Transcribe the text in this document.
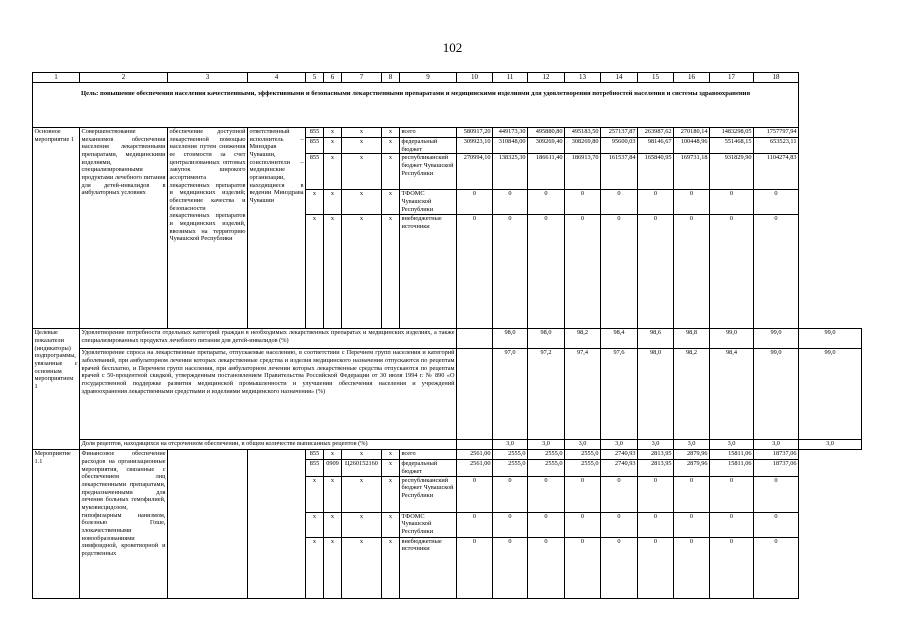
102
1	2	3	4	5	6	7	8	9	10	11	12	13	14	15	16	17	18	
Цель: повышение обеспечения населения качественными, эффективными и безопасными лекарственными препаратами и медицинскими изделиями для удовлетворения потребностей населения и системы здравоохранения																		
Основное мероприятие 1	Совершенствование механизмов обеспечения населения лекарственными препаратами, медицинскими изделиями, специализированными продуктами лечебного питания для детей-инвалидов в амбулаторных условиях	обеспечение доступной лекарственной помощью населения путем снижения ее стоимости за счет централизованных оптовых закупок широкого ассортимента лекарственных препаратов и медицинских изделий; обеспечение качества и безопасности лекарственных препаратов и медицинских изделий, ввозимых на территорию Чувашской Республики	ответственный исполнитель – Минздрав Чувашии, соисполнители – медицинские организации, находящиеся в ведении Минздрава Чувашии	855	x	x	x	всего	580917,20	449173,30	495880,80	495183,50	257137,87	263987,62	270180,14	1483298,05	1757797,94	
				855	x	x	x	федеральный бюджет	309923,10	310848,00	309269,40	308269,80	95600,03	98146,67	100448,96	551468,15	653523,11	
				855	x	x	x	республиканский бюджет Чувашской Республики	270994,10	138325,30	186611,40	186913,70	161537,84	165840,95	169731,18	931829,90	1104274,83	
				x	x	x	x	ТФОМС Чувашской Республики	0	0	0	0	0	0	0	0	0	
				x	x	x	x	внебюджетные источники	0	0	0	0	0	0	0	0	0	
Целевые показатели (индикаторы) подпрограммы, увязанные с основным мероприятием 1	Удовлетворение потребности отдельных категорий граждан в необходимых лекарственных препаратах и медицинских изделиях, а также специализированных продуктах лечебного питания для детей-инвалидов (%)									98,0	98,0	98,2	98,4	98,6	98,8	99,0	99,0	99,0
	Удовлетворение спроса на лекарственные препараты, отпускаемые населению, в соответствии с Перечнем групп населения и категорий заболеваний, при амбулаторном лечении которых лекарственные средства и изделия медицинского назначения отпускаются по рецептам врачей бесплатно, и Перечнем групп населения, при амбулаторном лечении которых лекарственные средства отпускаются по рецептам врачей с 50-процентной скидкой, утвержденным постановлением Правительства Российской Федерации от 30 июля 1994 г. № 890 «О государственной поддержке развития медицинской промышленности и улучшении обеспечения населения и учреждений здравоохранения лекарственными средствами и изделиями медицинского назначения» (%)									97,0	97,2	97,4	97,6	98,0	98,2	98,4	99,0	99,0
	Доля рецептов, находящихся на отсроченном обеспечении, в общем количестве выписанных рецептов (%)									3,0	3,0	3,0	3,0	3,0	3,0	3,0	3,0	3,0
Мероприятие 1.1	Финансовое обеспечение расходов на организационные мероприятия, связанные с обеспечением лиц лекарственными препаратами, предназначенными для лечения больных гемофилией, муковисцидозом, гипофизарным нанизмом, болезнью Гоше, злокачественными новообразованиями лимфоидной, кроветворной и родственных			855	x	x	x	всего	2561,00	2555,0	2555,0	2555,0	2740,93	2813,95	2879,96	15811,06	18737,06	
				855	0909	Ц260152160	x	федеральный бюджет	2561,00	2555,0	2555,0	2555,0	2740,93	2813,95	2879,96	15811,06	18737,06	
				x	x	x	x	республиканский бюджет Чувашской Республики	0	0	0	0	0	0	0	0	0	
				x	x	x	x	ТФОМС Чувашской Республики	0	0	0	0	0	0	0	0	0	
				x	x	x	x	внебюджетные источники	0	0	0	0	0	0	0	0	0	
